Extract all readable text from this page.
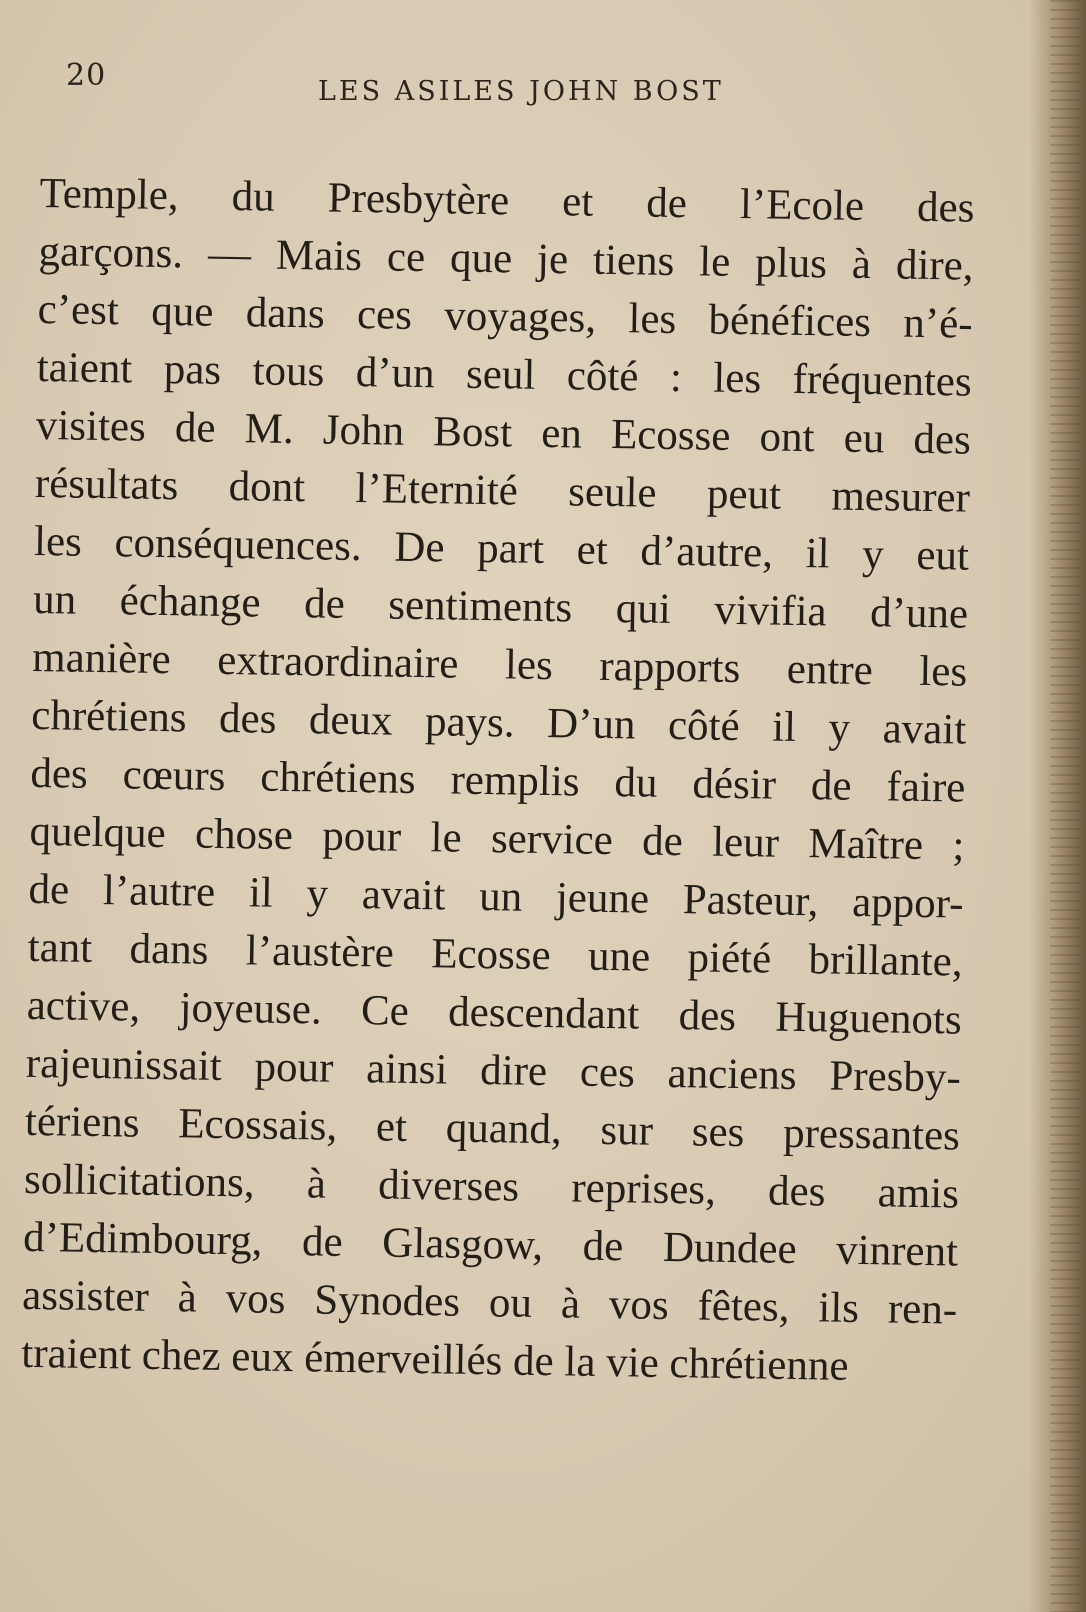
20	LES ASILES JOHN BOST
Temple, du Presbytère et de l’Ecole des
garçons. — Mais ce que je tiens le plus à dire,
c’est que dans ces voyages, les bénéfices n’é-
taient pas tous d’un seul côté : les fréquentes
visites de M. John Bost en Ecosse ont eu des
résultats dont l’Eternité seule peut mesurer
les conséquences. De part et d’autre, il y eut
un échange de sentiments qui vivifia d’une
manière extraordinaire les rapports entre les
chrétiens des deux pays. D’un côté il y avait
des cœurs chrétiens remplis du désir de faire
quelque chose pour le service de leur Maître ;
de l’autre il y avait un jeune Pasteur, appor-
tant dans l’austère Ecosse une piété brillante,
active, joyeuse. Ce descendant des Huguenots
rajeunissait pour ainsi dire ces anciens Presby-
tériens Ecossais, et quand, sur ses pressantes
sollicitations, à diverses reprises, des amis
d’Edimbourg, de Glasgow, de Dundee vinrent
assister à vos Synodes ou à vos fêtes, ils ren-
traient chez eux émerveillés de la vie chrétienne
